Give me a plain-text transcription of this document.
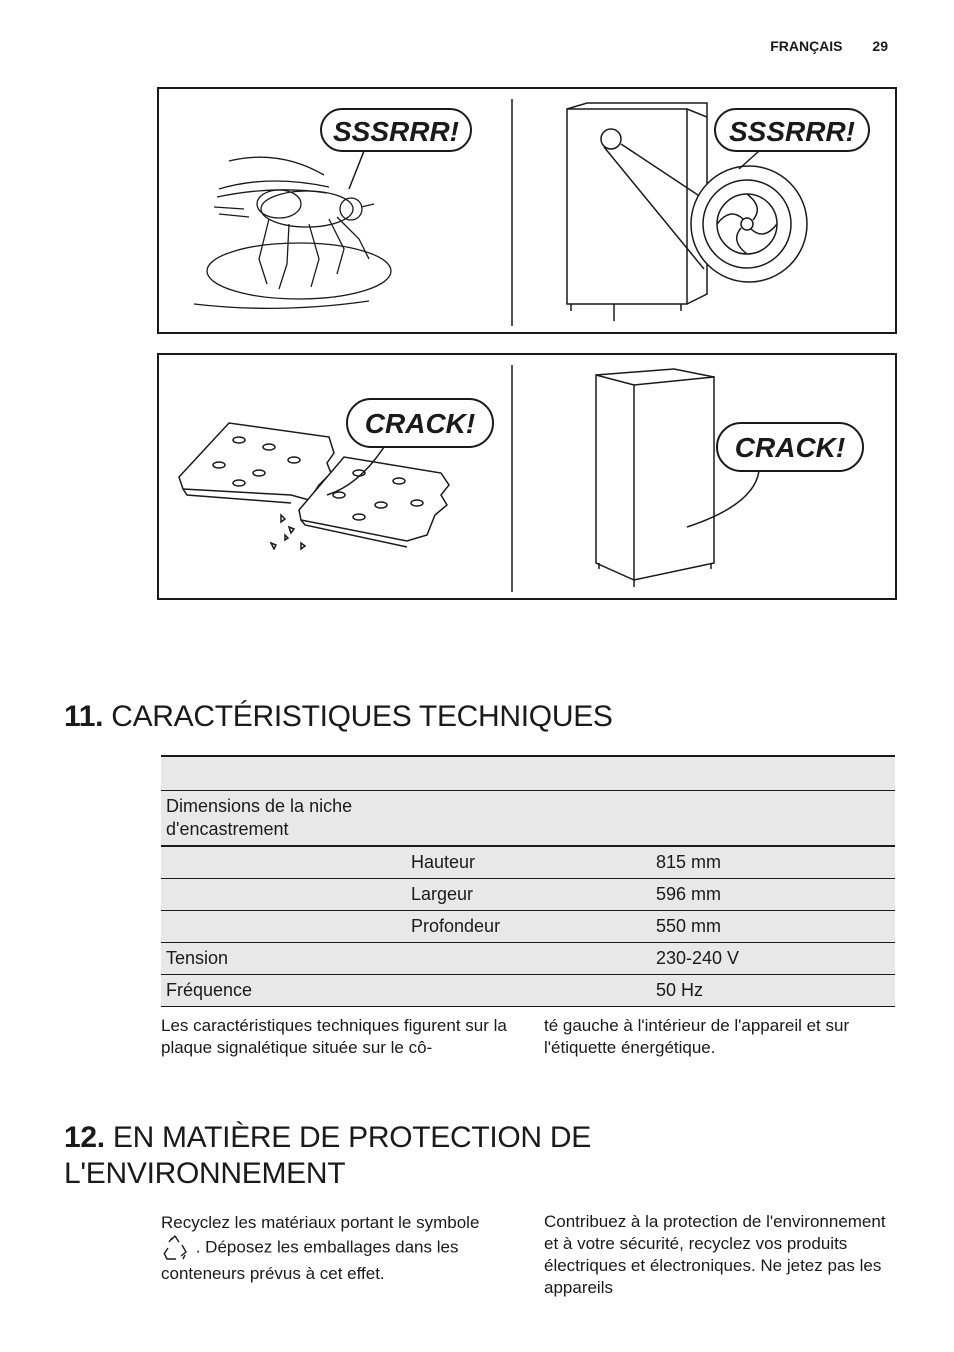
FRANÇAIS 29
SSSRRR!	SSSRRR!
CRACK!
CRACK!
11. CARACTÉRISTIQUES TECHNIQUES

Dimensions de la niche d'encastrement		
	Hauteur	815 mm
	Largeur	596 mm
	Profondeur	550 mm
Tension		230-240 V
Fréquence		50 Hz

Les caractéristiques techniques figurent sur la plaque signalétique située sur le cô-

té gauche à l'intérieur de l'appareil et sur l'étiquette énergétique.

12. EN MATIÈRE DE PROTECTION DE L'ENVIRONNEMENT

Recyclez les matériaux portant le symbole
. Déposez les emballages dans les conteneurs prévus à cet effet.

Contribuez à la protection de l'environnement et à votre sécurité, recyclez vos produits électriques et électroniques. Ne jetez pas les appareils
